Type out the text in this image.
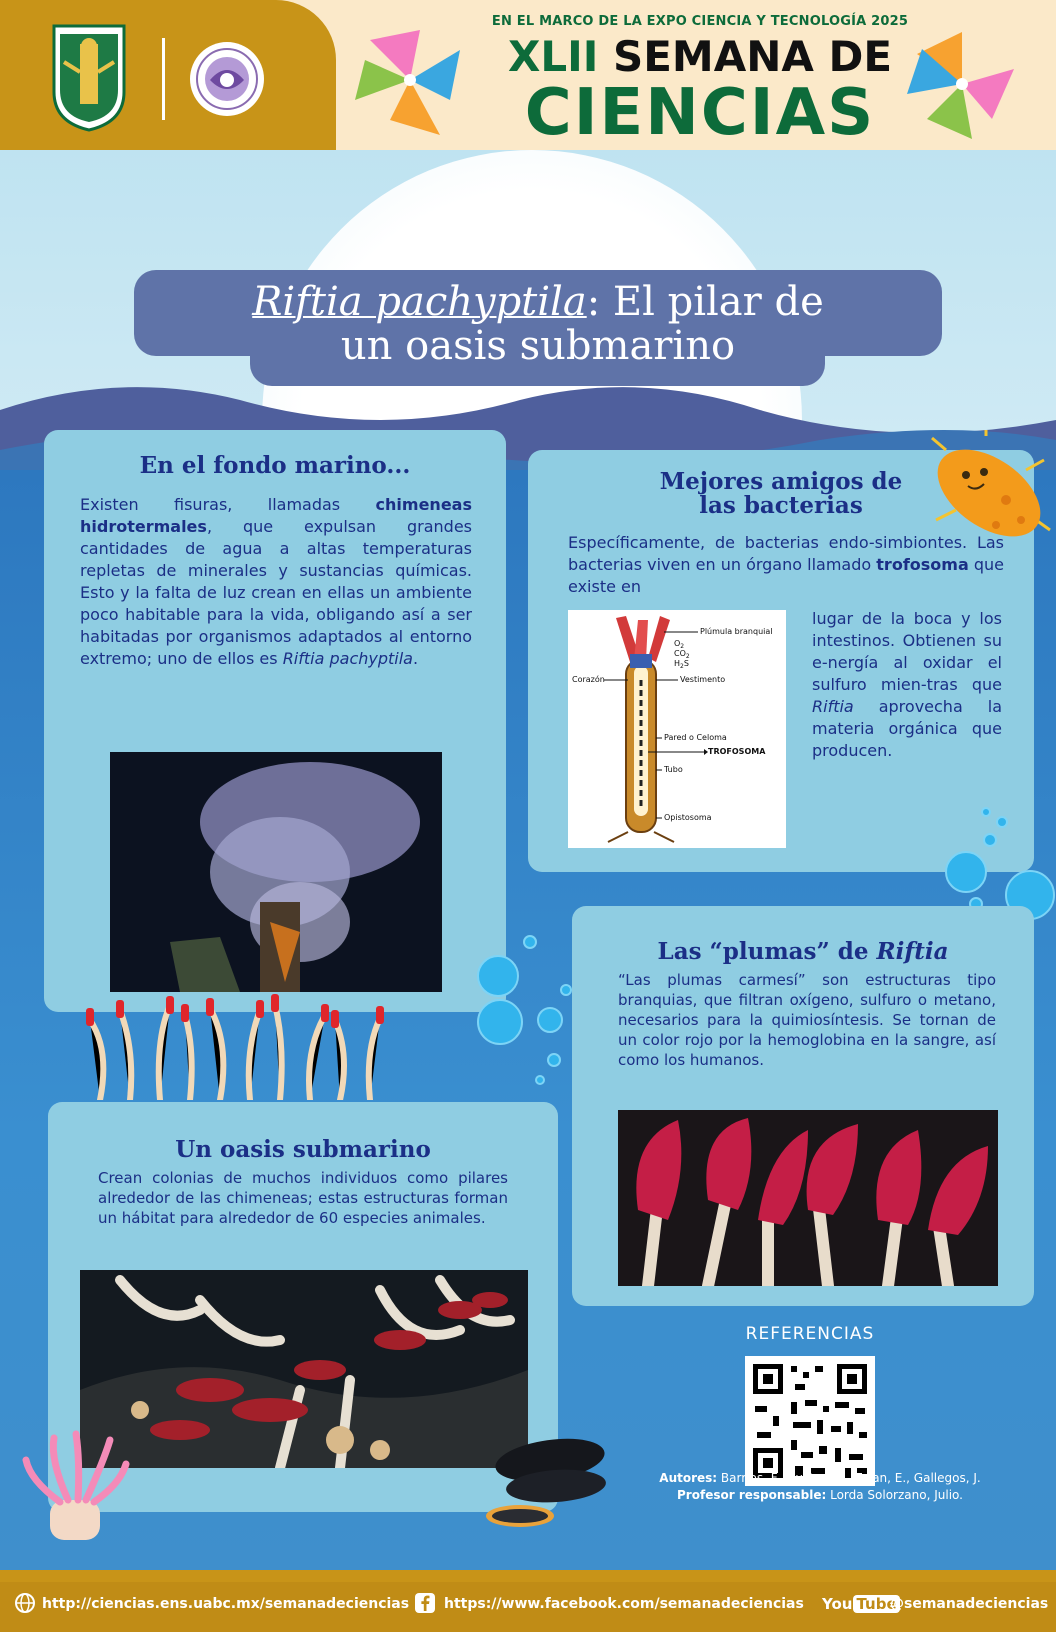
EN EL MARCO DE LA EXPO CIENCIA Y TECNOLOGÍA 2025
XLII SEMANA DE
CIENCIAS
Riftia pachyptila: El pilar de
un oasis submarino
En el fondo marino...
Existen fisuras, llamadas chimeneas hidrotermales, que expulsan grandes cantidades de agua a altas temperaturas repletas de minerales y sustancias químicas. Esto y la falta de luz crean en ellas un ambiente poco habitable para la vida, obligando así a ser habitadas por organismos adaptados al entorno extremo; uno de ellos es Riftia pachyptila.
Mejores amigos de
las bacterias
Específicamente, de bacterias endo-simbiontes. Las bacterias viven en un órgano llamado trofosoma que existe en
lugar de la boca y los intestinos. Obtienen su e-nergía al oxidar el sulfuro mien-tras que Riftia aprovecha la materia orgánica que producen.
Plúmula branquial
$O_2$
$CO_2$
$H_2S$
Corazón	Vestimento
Pared o Celoma
TROFOSOMA
Tubo
Opistosoma
Las “plumas” de Riftia
“Las plumas carmesí” son estructuras tipo branquias, que filtran oxígeno, sulfuro o metano, necesarios para la quimiosíntesis. Se tornan de un color rojo por la hemoglobina en la sangre, así como los humanos.
Un oasis submarino
Crean colonias de muchos individuos como pilares alrededor de las chimeneas; estas estructuras forman un hábitat para alrededor de 60 especies animales.
REFERENCIAS
Autores: Barrios, F., Bustos, A., Teran, E., Gallegos, J.
Profesor responsable: Lorda Solorzano, Julio.
http://ciencias.ens.uabc.mx/semanadeciencias https://www.facebook.com/semanadeciencias You Tube
@semanadeciencias
